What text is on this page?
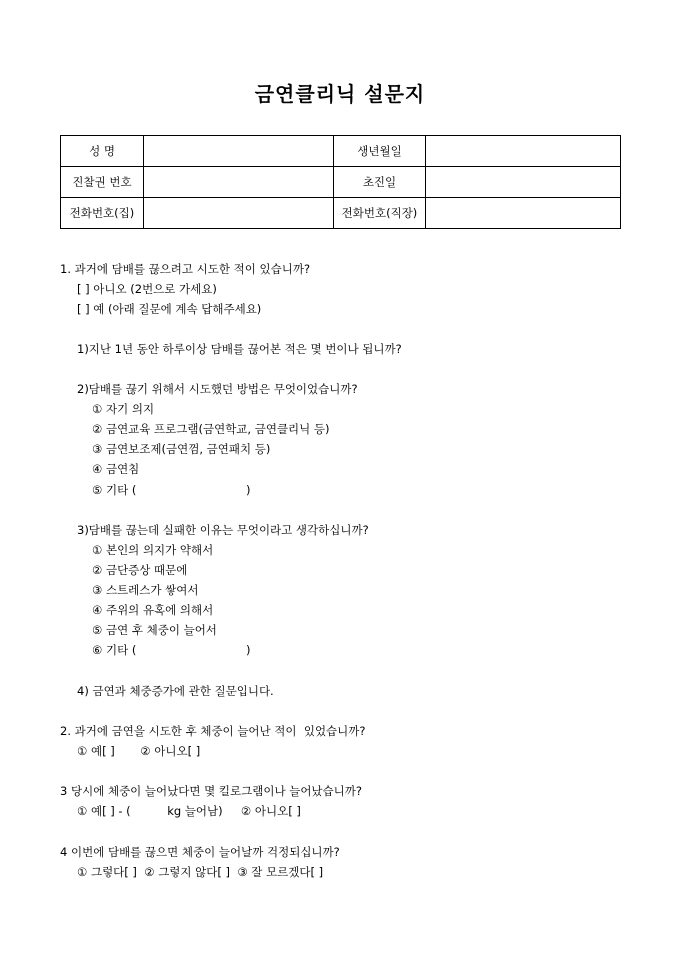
금연클리닉 설문지
성 명		생년월일	
진찰권 번호		초진일	
전화번호(집)		전화번호(직장)	
1. 과거에 담배를 끊으려고 시도한 적이 있습니까?
[ ] 아니오 (2번으로 가세요)
[ ] 예 (아래 질문에 계속 답해주세요)
1)지난 1년 동안 하루이상 담배를 끊어본 적은 몇 번이나 됩니까?
2)담배를 끊기 위해서 시도했던 방법은 무엇이었습니까?
① 자기 의지
② 금연교육 프로그램(금연학교, 금연클리닉 등)
③ 금연보조제(금연껌, 금연패치 등)
④ 금연침
⑤ 기타 (                              )
3)담배를 끊는데 실패한 이유는 무엇이라고 생각하십니까?
① 본인의 의지가 약해서
② 금단증상 때문에
③ 스트레스가 쌓여서
④ 주위의 유혹에 의해서
⑤ 금연 후 체중이 늘어서
⑥ 기타 (                              )
4) 금연과 체중증가에 관한 질문입니다.
2. 과거에 금연을 시도한 후 체중이 늘어난 적이  있었습니까?
① 예[ ]       ② 아니오[ ]
3 당시에 체중이 늘어났다면 몇 킬로그램이나 늘어났습니까?
① 예[ ] - (          kg 늘어남)     ② 아니오[ ]
4 이번에 담배를 끊으면 체중이 늘어날까 걱정되십니까?
① 그렇다[ ]  ② 그렇지 않다[ ]  ③ 잘 모르겠다[ ]
